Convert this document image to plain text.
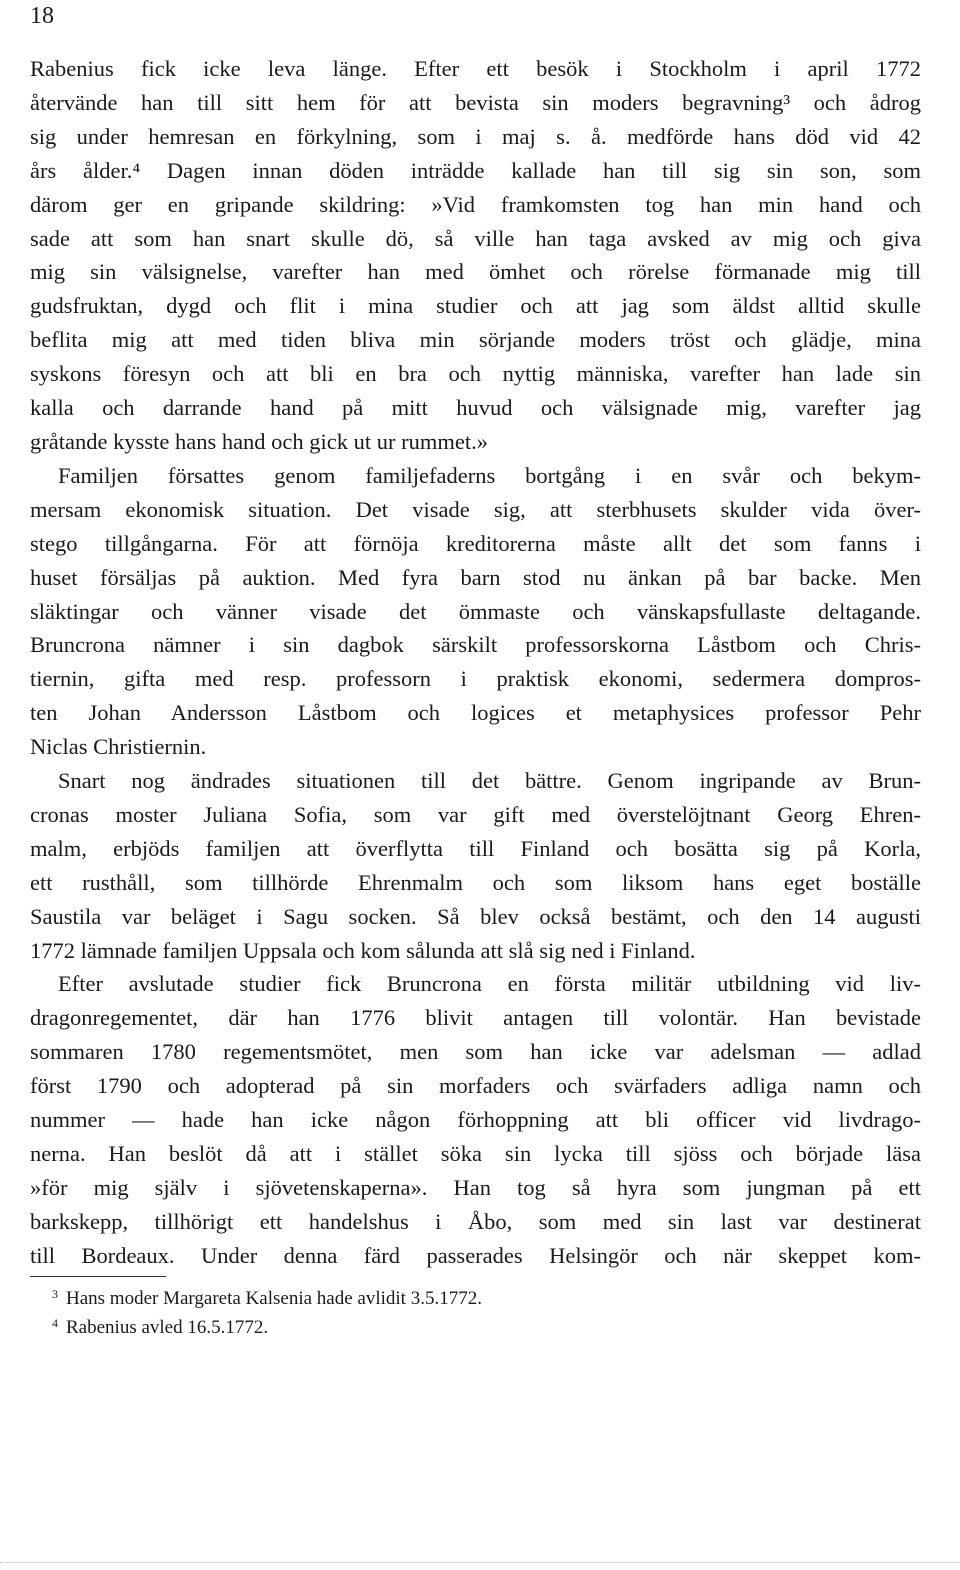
18
Rabenius fick icke leva länge. Efter ett besök i Stockholm i april 1772
återvände han till sitt hem för att bevista sin moders begravning³ och ådrog
sig under hemresan en förkylning, som i maj s. å. medförde hans död vid 42
års ålder.⁴ Dagen innan döden inträdde kallade han till sig sin son, som
därom ger en gripande skildring: »Vid framkomsten tog han min hand och
sade att som han snart skulle dö, så ville han taga avsked av mig och giva
mig sin välsignelse, varefter han med ömhet och rörelse förmanade mig till
gudsfruktan, dygd och flit i mina studier och att jag som äldst alltid skulle
beflita mig att med tiden bliva min sörjande moders tröst och glädje, mina
syskons föresyn och att bli en bra och nyttig människa, varefter han lade sin
kalla och darrande hand på mitt huvud och välsignade mig, varefter jag
gråtande kysste hans hand och gick ut ur rummet.»
Familjen försattes genom familjefaderns bortgång i en svår och bekym-
mersam ekonomisk situation. Det visade sig, att sterbhusets skulder vida över-
stego tillgångarna. För att förnöja kreditorerna måste allt det som fanns i
huset försäljas på auktion. Med fyra barn stod nu änkan på bar backe. Men
släktingar och vänner visade det ömmaste och vänskapsfullaste deltagande.
Bruncrona nämner i sin dagbok särskilt professorskorna Låstbom och Chris-
tiernin, gifta med resp. professorn i praktisk ekonomi, sedermera dompros-
ten Johan Andersson Låstbom och logices et metaphysices professor Pehr
Niclas Christiernin.
Snart nog ändrades situationen till det bättre. Genom ingripande av Brun-
cronas moster Juliana Sofia, som var gift med överstelöjtnant Georg Ehren-
malm, erbjöds familjen att överflytta till Finland och bosätta sig på Korla,
ett rusthåll, som tillhörde Ehrenmalm och som liksom hans eget boställe
Saustila var beläget i Sagu socken. Så blev också bestämt, och den 14 augusti
1772 lämnade familjen Uppsala och kom sålunda att slå sig ned i Finland.
Efter avslutade studier fick Bruncrona en första militär utbildning vid liv-
dragonregementet, där han 1776 blivit antagen till volontär. Han bevistade
sommaren 1780 regementsmötet, men som han icke var adelsman — adlad
först 1790 och adopterad på sin morfaders och svärfaders adliga namn och
nummer — hade han icke någon förhoppning att bli officer vid livdrago-
nerna. Han beslöt då att i stället söka sin lycka till sjöss och började läsa
»för mig själv i sjövetenskaperna». Han tog så hyra som jungman på ett
barkskepp, tillhörigt ett handelshus i Åbo, som med sin last var destinerat
till Bordeaux. Under denna färd passerades Helsingör och när skeppet kom-
$^3$ Hans moder Margareta Kalsenia hade avlidit 3.5.1772.
$^4$ Rabenius avled 16.5.1772.
